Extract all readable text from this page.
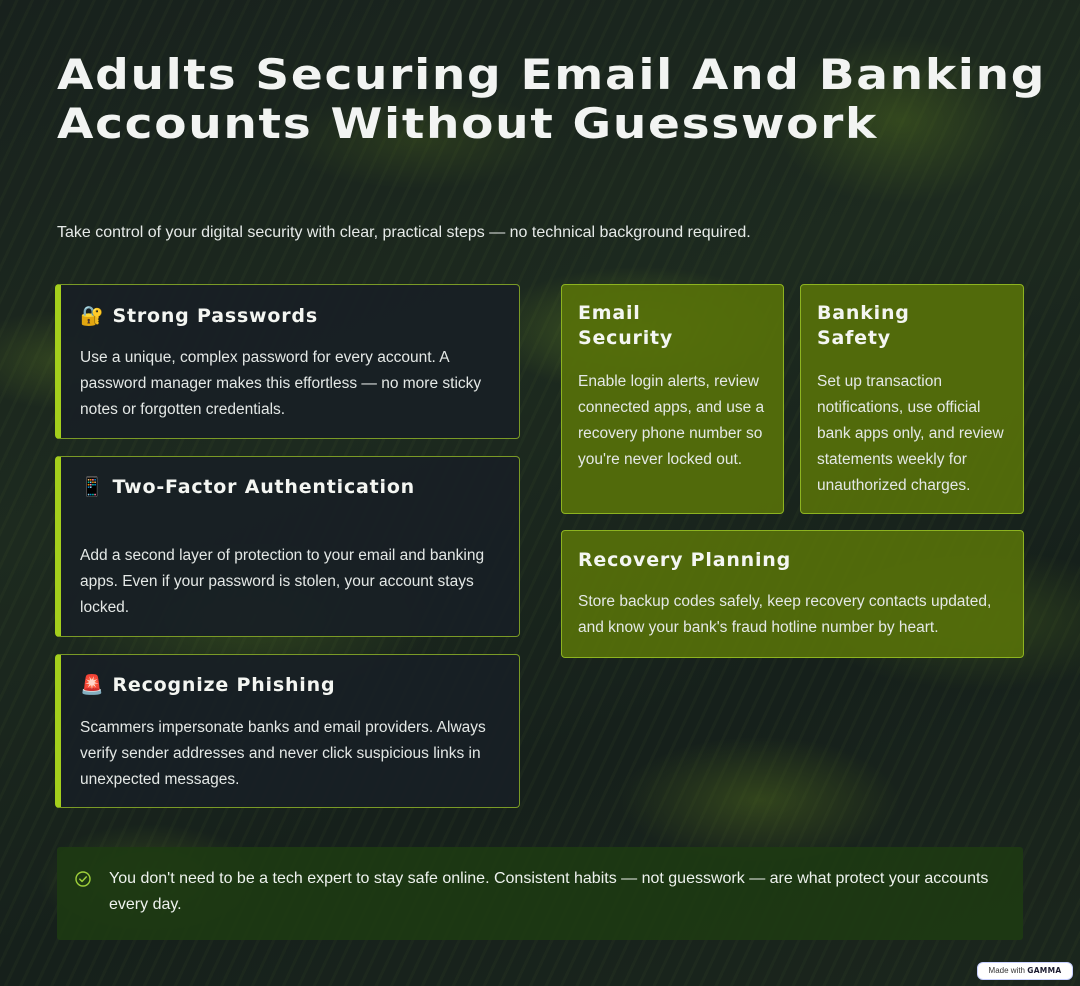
Adults Securing Email And Banking Accounts Without Guesswork

Take control of your digital security with clear, practical steps — no technical background required.

🔐 Strong Passwords

Use a unique, complex password for every account. A password manager makes this effortless — no more sticky notes or forgotten credentials.

📱 Two-Factor Authentication

Add a second layer of protection to your email and banking apps. Even if your password is stolen, your account stays locked.

🚨 Recognize Phishing

Scammers impersonate banks and email providers. Always verify sender addresses and never click suspicious links in unexpected messages.

Email Security

Enable login alerts, review connected apps, and use a recovery phone number so you're never locked out.

Banking Safety

Set up transaction notifications, use official bank apps only, and review statements weekly for unauthorized charges.

Recovery Planning

Store backup codes safely, keep recovery contacts updated, and know your bank's fraud hotline number by heart.

You don't need to be a tech expert to stay safe online. Consistent habits — not guesswork — are what protect your accounts every day.

Made with GAMMA
